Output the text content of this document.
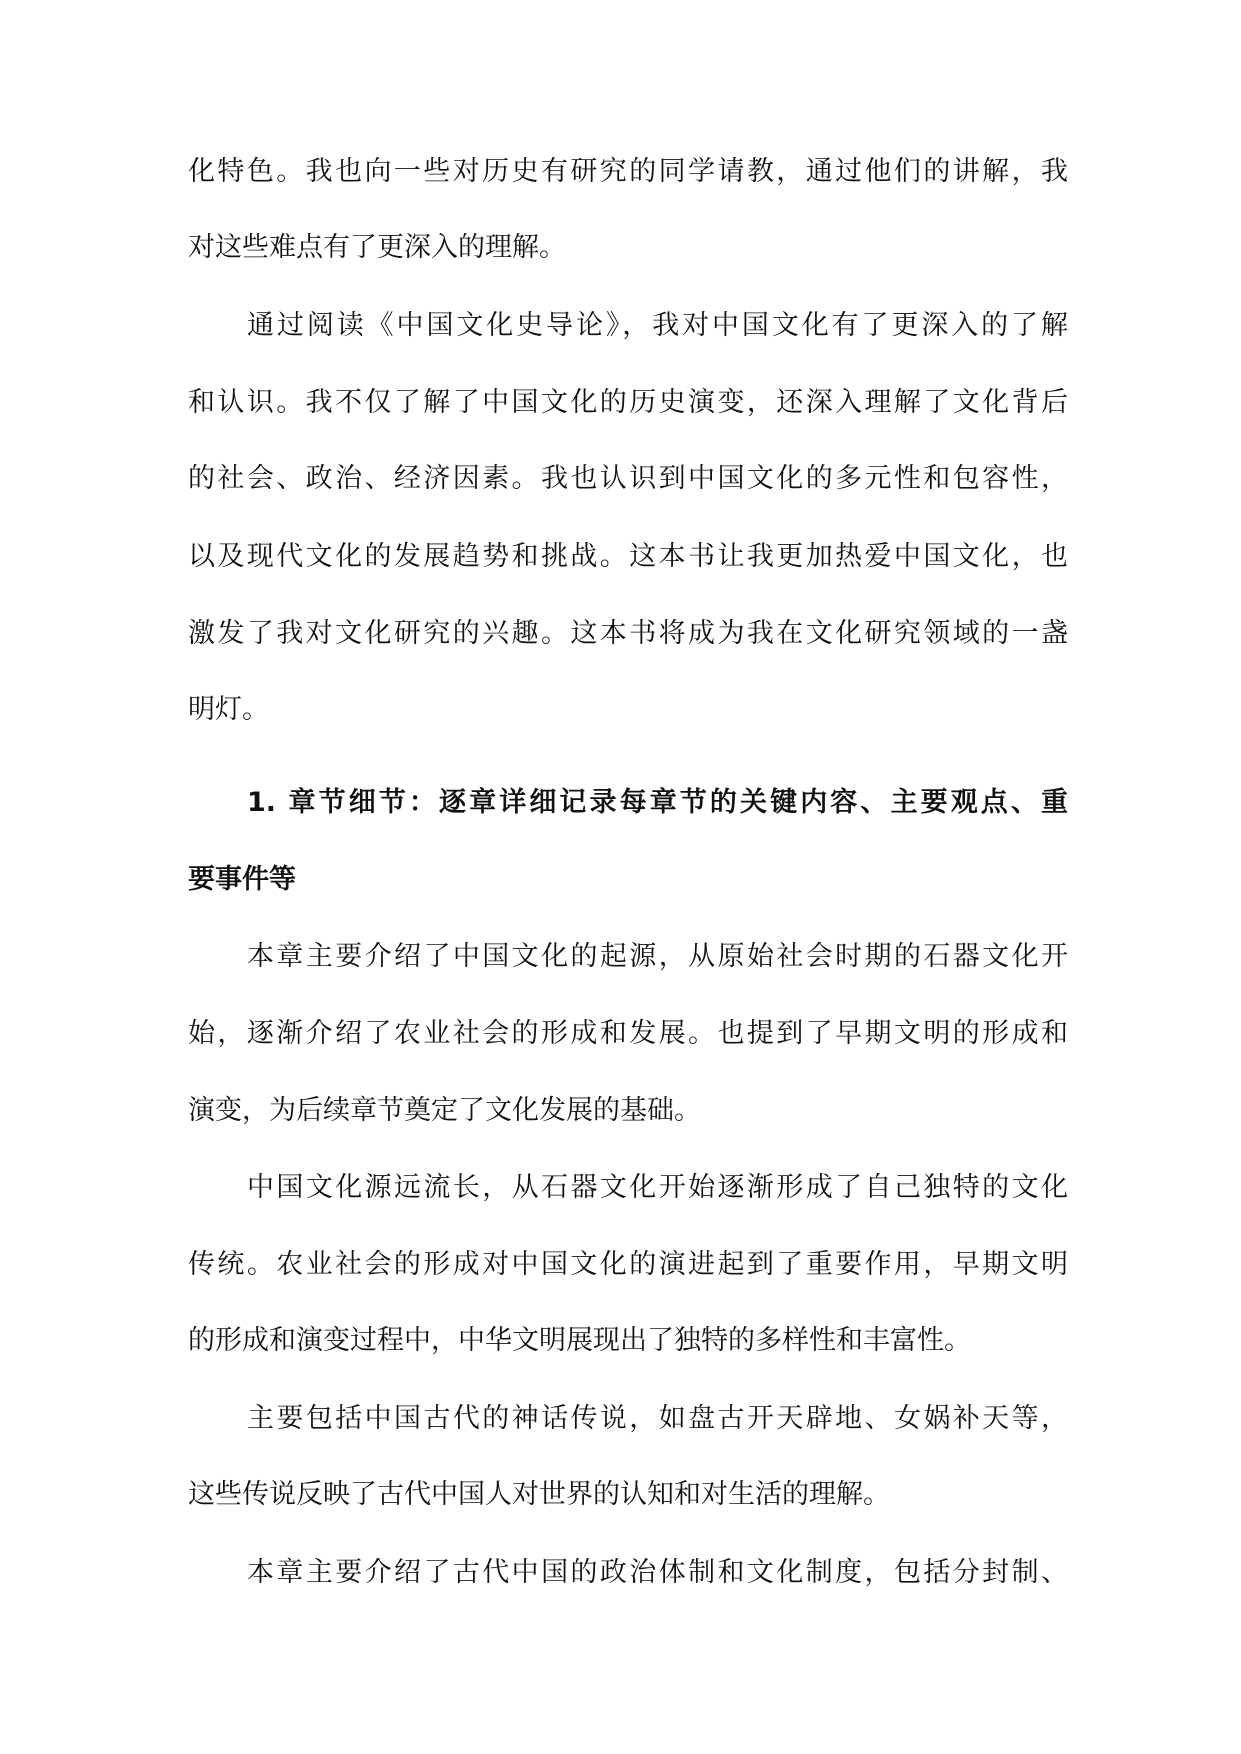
化特色。我也向一些对历史有研究的同学请教，通过他们的讲解，我
对这些难点有了更深入的理解。
通过阅读《中国文化史导论》，我对中国文化有了更深入的了解
和认识。我不仅了解了中国文化的历史演变，还深入理解了文化背后
的社会、政治、经济因素。我也认识到中国文化的多元性和包容性，
以及现代文化的发展趋势和挑战。这本书让我更加热爱中国文化，也
激发了我对文化研究的兴趣。这本书将成为我在文化研究领域的一盏
明灯。
1. 章节细节：逐章详细记录每章节的关键内容、主要观点、重
要事件等
本章主要介绍了中国文化的起源，从原始社会时期的石器文化开
始，逐渐介绍了农业社会的形成和发展。也提到了早期文明的形成和
演变，为后续章节奠定了文化发展的基础。
中国文化源远流长，从石器文化开始逐渐形成了自己独特的文化
传统。农业社会的形成对中国文化的演进起到了重要作用，早期文明
的形成和演变过程中，中华文明展现出了独特的多样性和丰富性。
主要包括中国古代的神话传说，如盘古开天辟地、女娲补天等，
这些传说反映了古代中国人对世界的认知和对生活的理解。
本章主要介绍了古代中国的政治体制和文化制度，包括分封制、
